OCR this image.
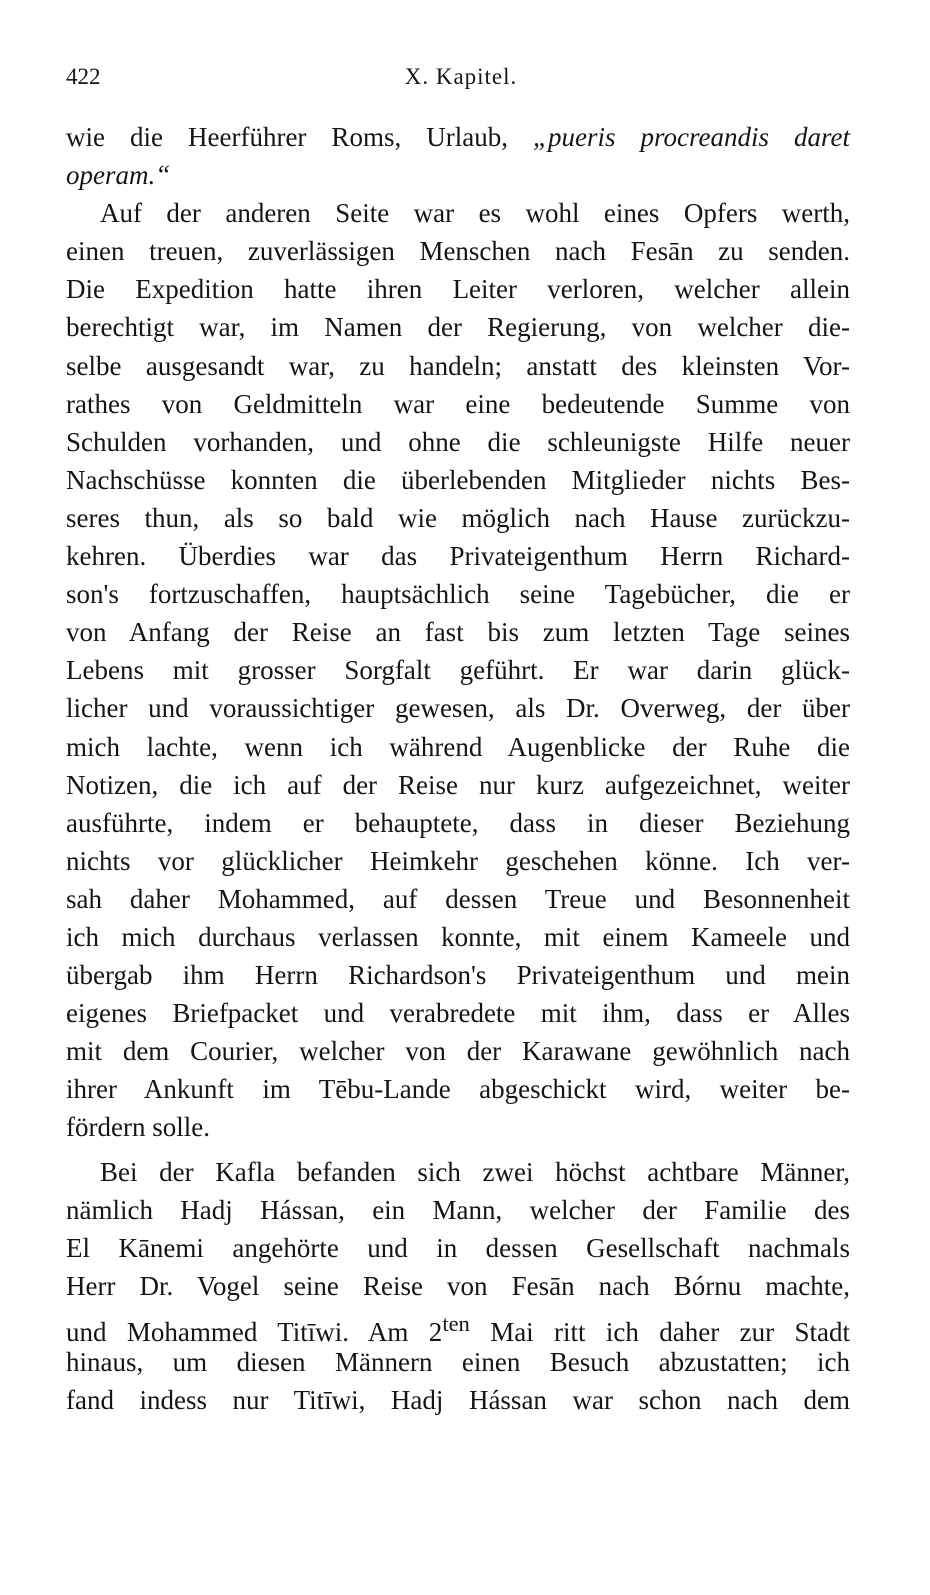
422	X. Kapitel.
wie die Heerführer Roms, Urlaub, „pueris procreandis daret
operam.“
Auf der anderen Seite war es wohl eines Opfers werth,
einen treuen, zuverlässigen Menschen nach Fesān zu senden.
Die Expedition hatte ihren Leiter verloren, welcher allein
berechtigt war, im Namen der Regierung, von welcher die-
selbe ausgesandt war, zu handeln; anstatt des kleinsten Vor-
rathes von Geldmitteln war eine bedeutende Summe von
Schulden vorhanden, und ohne die schleunigste Hilfe neuer
Nachschüsse konnten die überlebenden Mitglieder nichts Bes-
seres thun, als so bald wie möglich nach Hause zurückzu-
kehren. Überdies war das Privateigenthum Herrn Richard-
son's fortzuschaffen, hauptsächlich seine Tagebücher, die er
von Anfang der Reise an fast bis zum letzten Tage seines
Lebens mit grosser Sorgfalt geführt. Er war darin glück-
licher und voraussichtiger gewesen, als Dr. Overweg, der über
mich lachte, wenn ich während Augenblicke der Ruhe die
Notizen, die ich auf der Reise nur kurz aufgezeichnet, weiter
ausführte, indem er behauptete, dass in dieser Beziehung
nichts vor glücklicher Heimkehr geschehen könne. Ich ver-
sah daher Mohammed, auf dessen Treue und Besonnenheit
ich mich durchaus verlassen konnte, mit einem Kameele und
übergab ihm Herrn Richardson's Privateigenthum und mein
eigenes Briefpacket und verabredete mit ihm, dass er Alles
mit dem Courier, welcher von der Karawane gewöhnlich nach
ihrer Ankunft im Tēbu-Lande abgeschickt wird, weiter be-
fördern solle.
Bei der Kafla befanden sich zwei höchst achtbare Männer,
nämlich Hadj Hássan, ein Mann, welcher der Familie des
El Kānemi angehörte und in dessen Gesellschaft nachmals
Herr Dr. Vogel seine Reise von Fesān nach Bórnu machte,
und Mohammed Titīwi. Am $2^{ten}$ Mai ritt ich daher zur Stadt
hinaus, um diesen Männern einen Besuch abzustatten; ich
fand indess nur Titīwi, Hadj Hássan war schon nach dem
